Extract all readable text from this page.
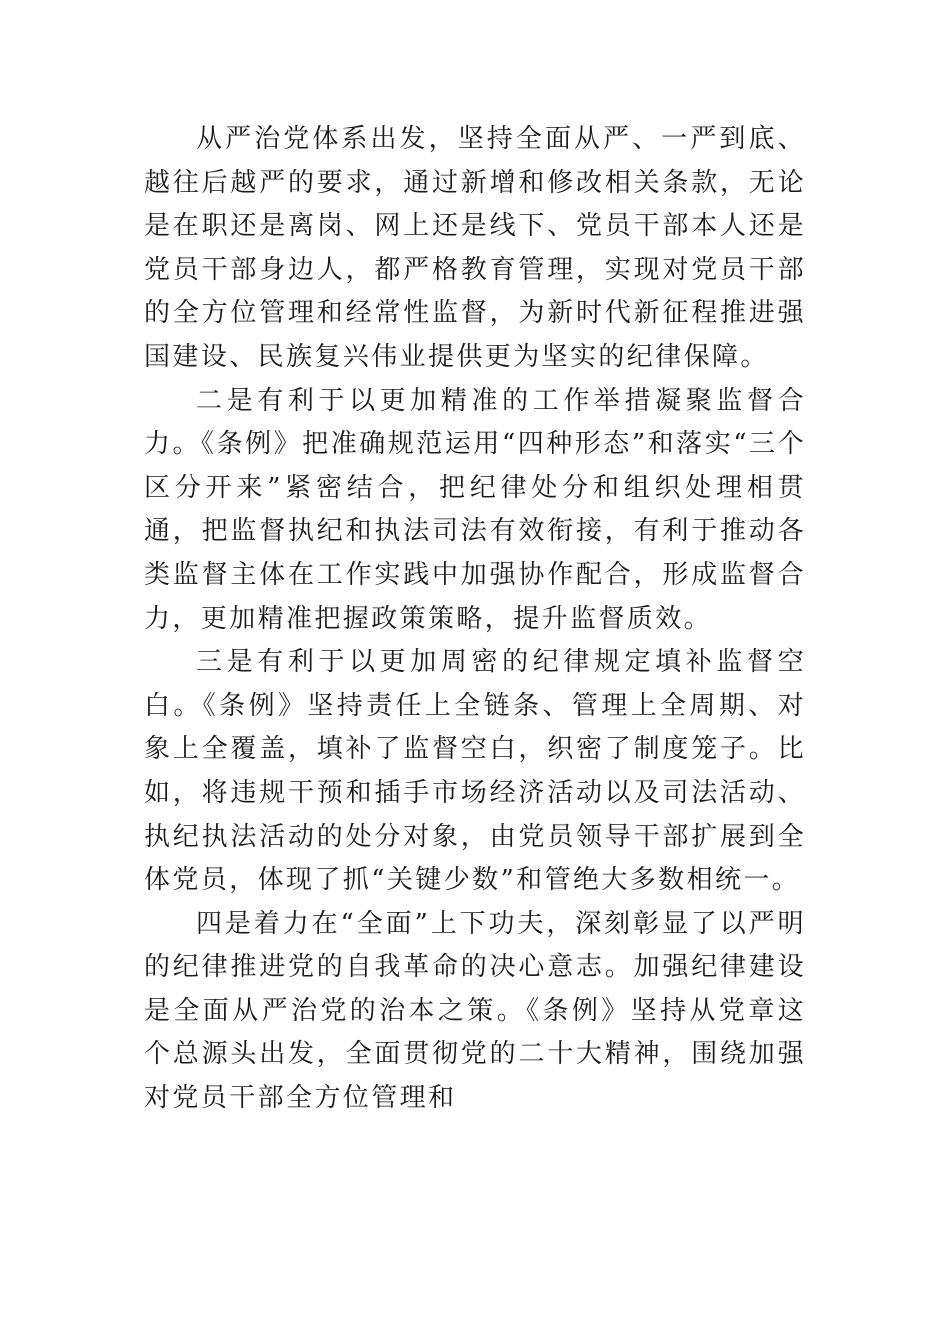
从严治党体系出发，坚持全面从严、一严到底、越往后越严的要求，通过新增和修改相关条款，无论是在职还是离岗、网上还是线下、党员干部本人还是党员干部身边人，都严格教育管理，实现对党员干部的全方位管理和经常性监督，为新时代新征程推进强国建设、民族复兴伟业提供更为坚实的纪律保障。

二是有利于以更加精准的工作举措凝聚监督合力。《条例》把准确规范运用“四种形态”和落实“三个区分开来”紧密结合，把纪律处分和组织处理相贯通，把监督执纪和执法司法有效衔接，有利于推动各类监督主体在工作实践中加强协作配合，形成监督合力，更加精准把握政策策略，提升监督质效。

三是有利于以更加周密的纪律规定填补监督空白。《条例》坚持责任上全链条、管理上全周期、对象上全覆盖，填补了监督空白，织密了制度笼子。比如，将违规干预和插手市场经济活动以及司法活动、执纪执法活动的处分对象，由党员领导干部扩展到全体党员，体现了抓“关键少数”和管绝大多数相统一。

四是着力在“全面”上下功夫，深刻彰显了以严明的纪律推进党的自我革命的决心意志。加强纪律建设是全面从严治党的治本之策。《条例》坚持从党章这个总源头出发，全面贯彻党的二十大精神，围绕加强对党员干部全方位管理和
